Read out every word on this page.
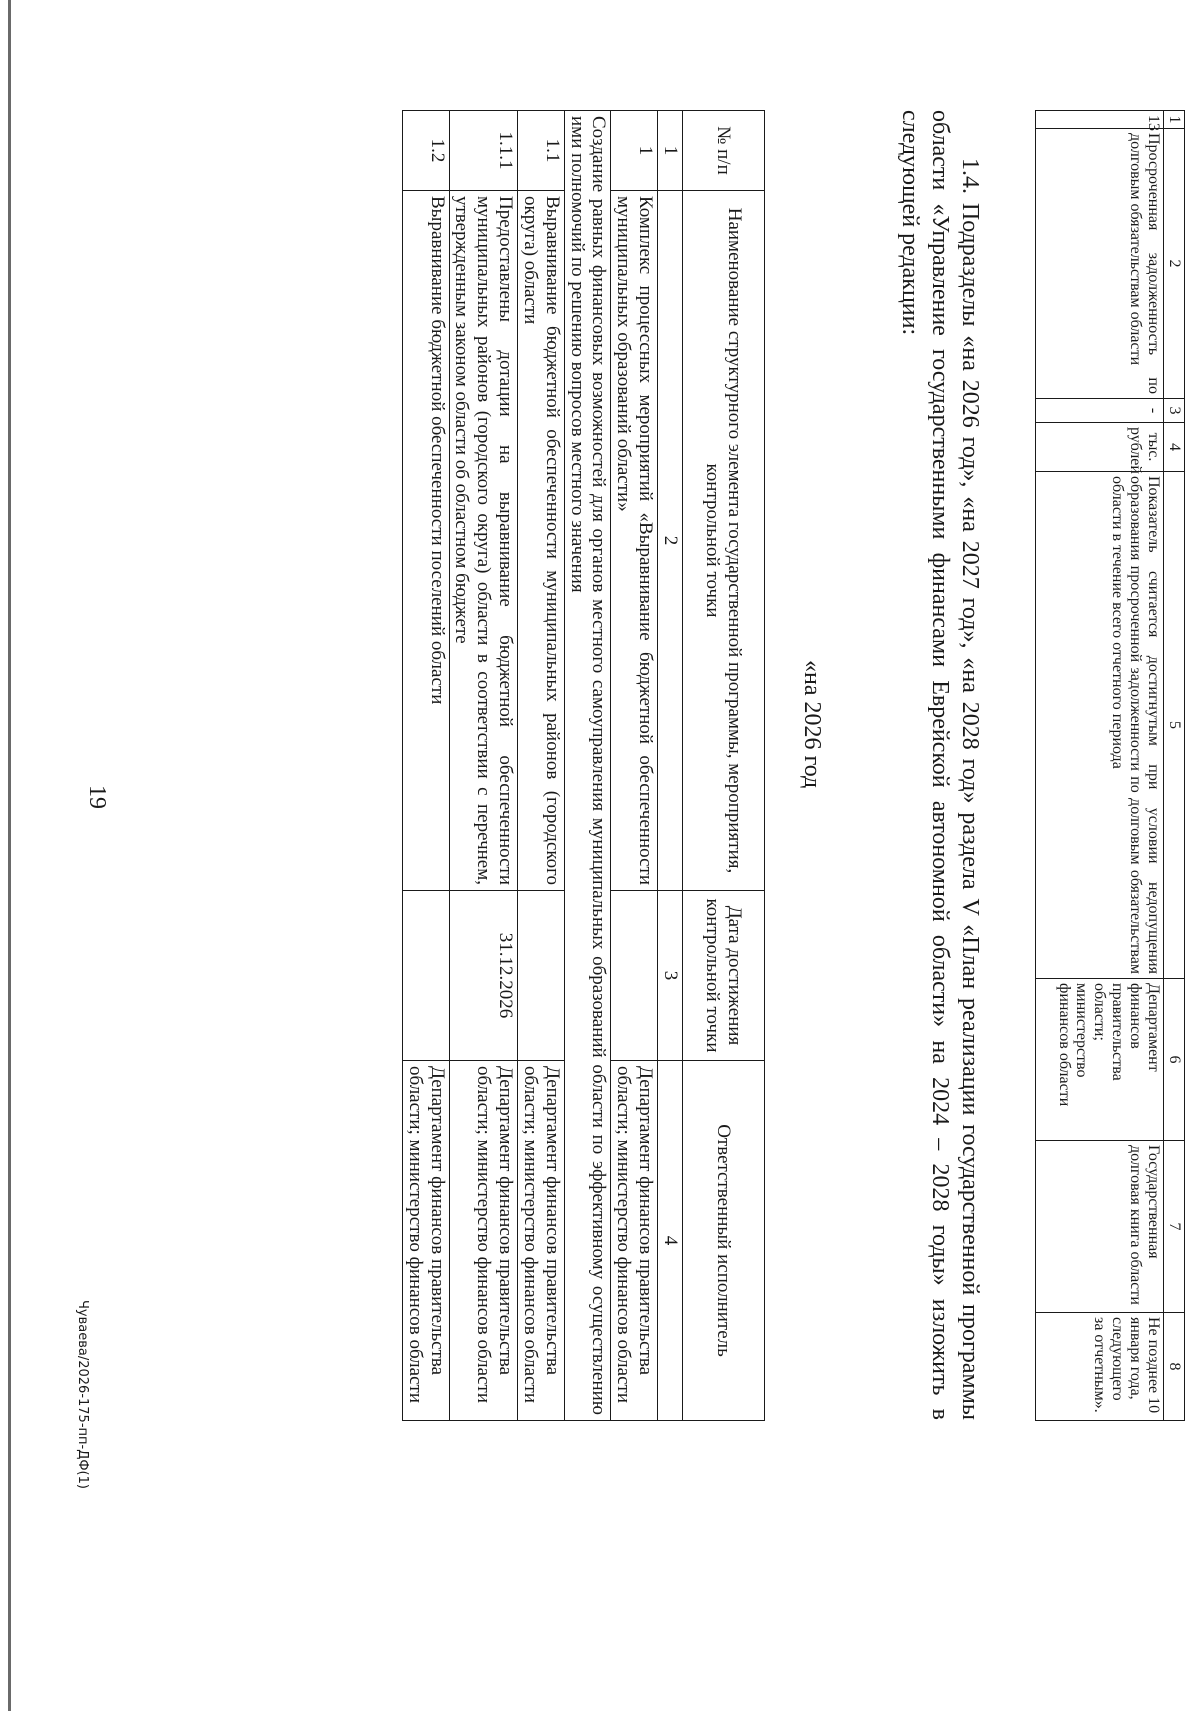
1	2	3	4	5	6	7	8
13	Просроченная задолженность по долговым обязательствам области	-	тыс. рублей	Показатель считается достигнутым при условии недопущения образования просроченной задолженности по долговым обязательствам области в течение всего отчетного периода	Департамент финансов правительства области; министерство финансов области	Государственная долговая книга области	Не позднее 10 января года, следующего за отчетным».
19	1.4. Подразделы «на 2026 год», «на 2027 год», «на 2028 год» раздела V «План реализации государственной программы области «Управление государственными финансами Еврейской автономной области» на 2024 – 2028 годы» изложить в следующей редакции:
«на 2026 год
№ п/п	Наименование структурного элемента государственной программы, мероприятия, контрольной точки	Дата достижения контрольной точки	Ответственный исполнитель
1	2	3	4
1	Комплекс процессных мероприятий «Выравнивание бюджетной обеспеченности муниципальных образований области»		Департамент финансов правительства области; министерство финансов области
Создание равных финансовых возможностей для органов местного самоуправления муниципальных образований области по эффективному осуществлению ими полномочий по решению вопросов местного значения			
1.1	Выравнивание бюджетной обеспеченности муниципальных районов (городского округа) области		Департамент финансов правительства области; министерство финансов области
1.1.1	Предоставлены дотации на выравнивание бюджетной обеспеченности муниципальных районов (городского округа) области в соответствии с перечнем, утвержденным законом области об областном бюджете	31.12.2026	Департамент финансов правительства области; министерство финансов области
1.2	Выравнивание бюджетной обеспеченности поселений области		Департамент финансов правительства области; министерство финансов области
Чуваева/2026-175-пп-ДФ(1)
